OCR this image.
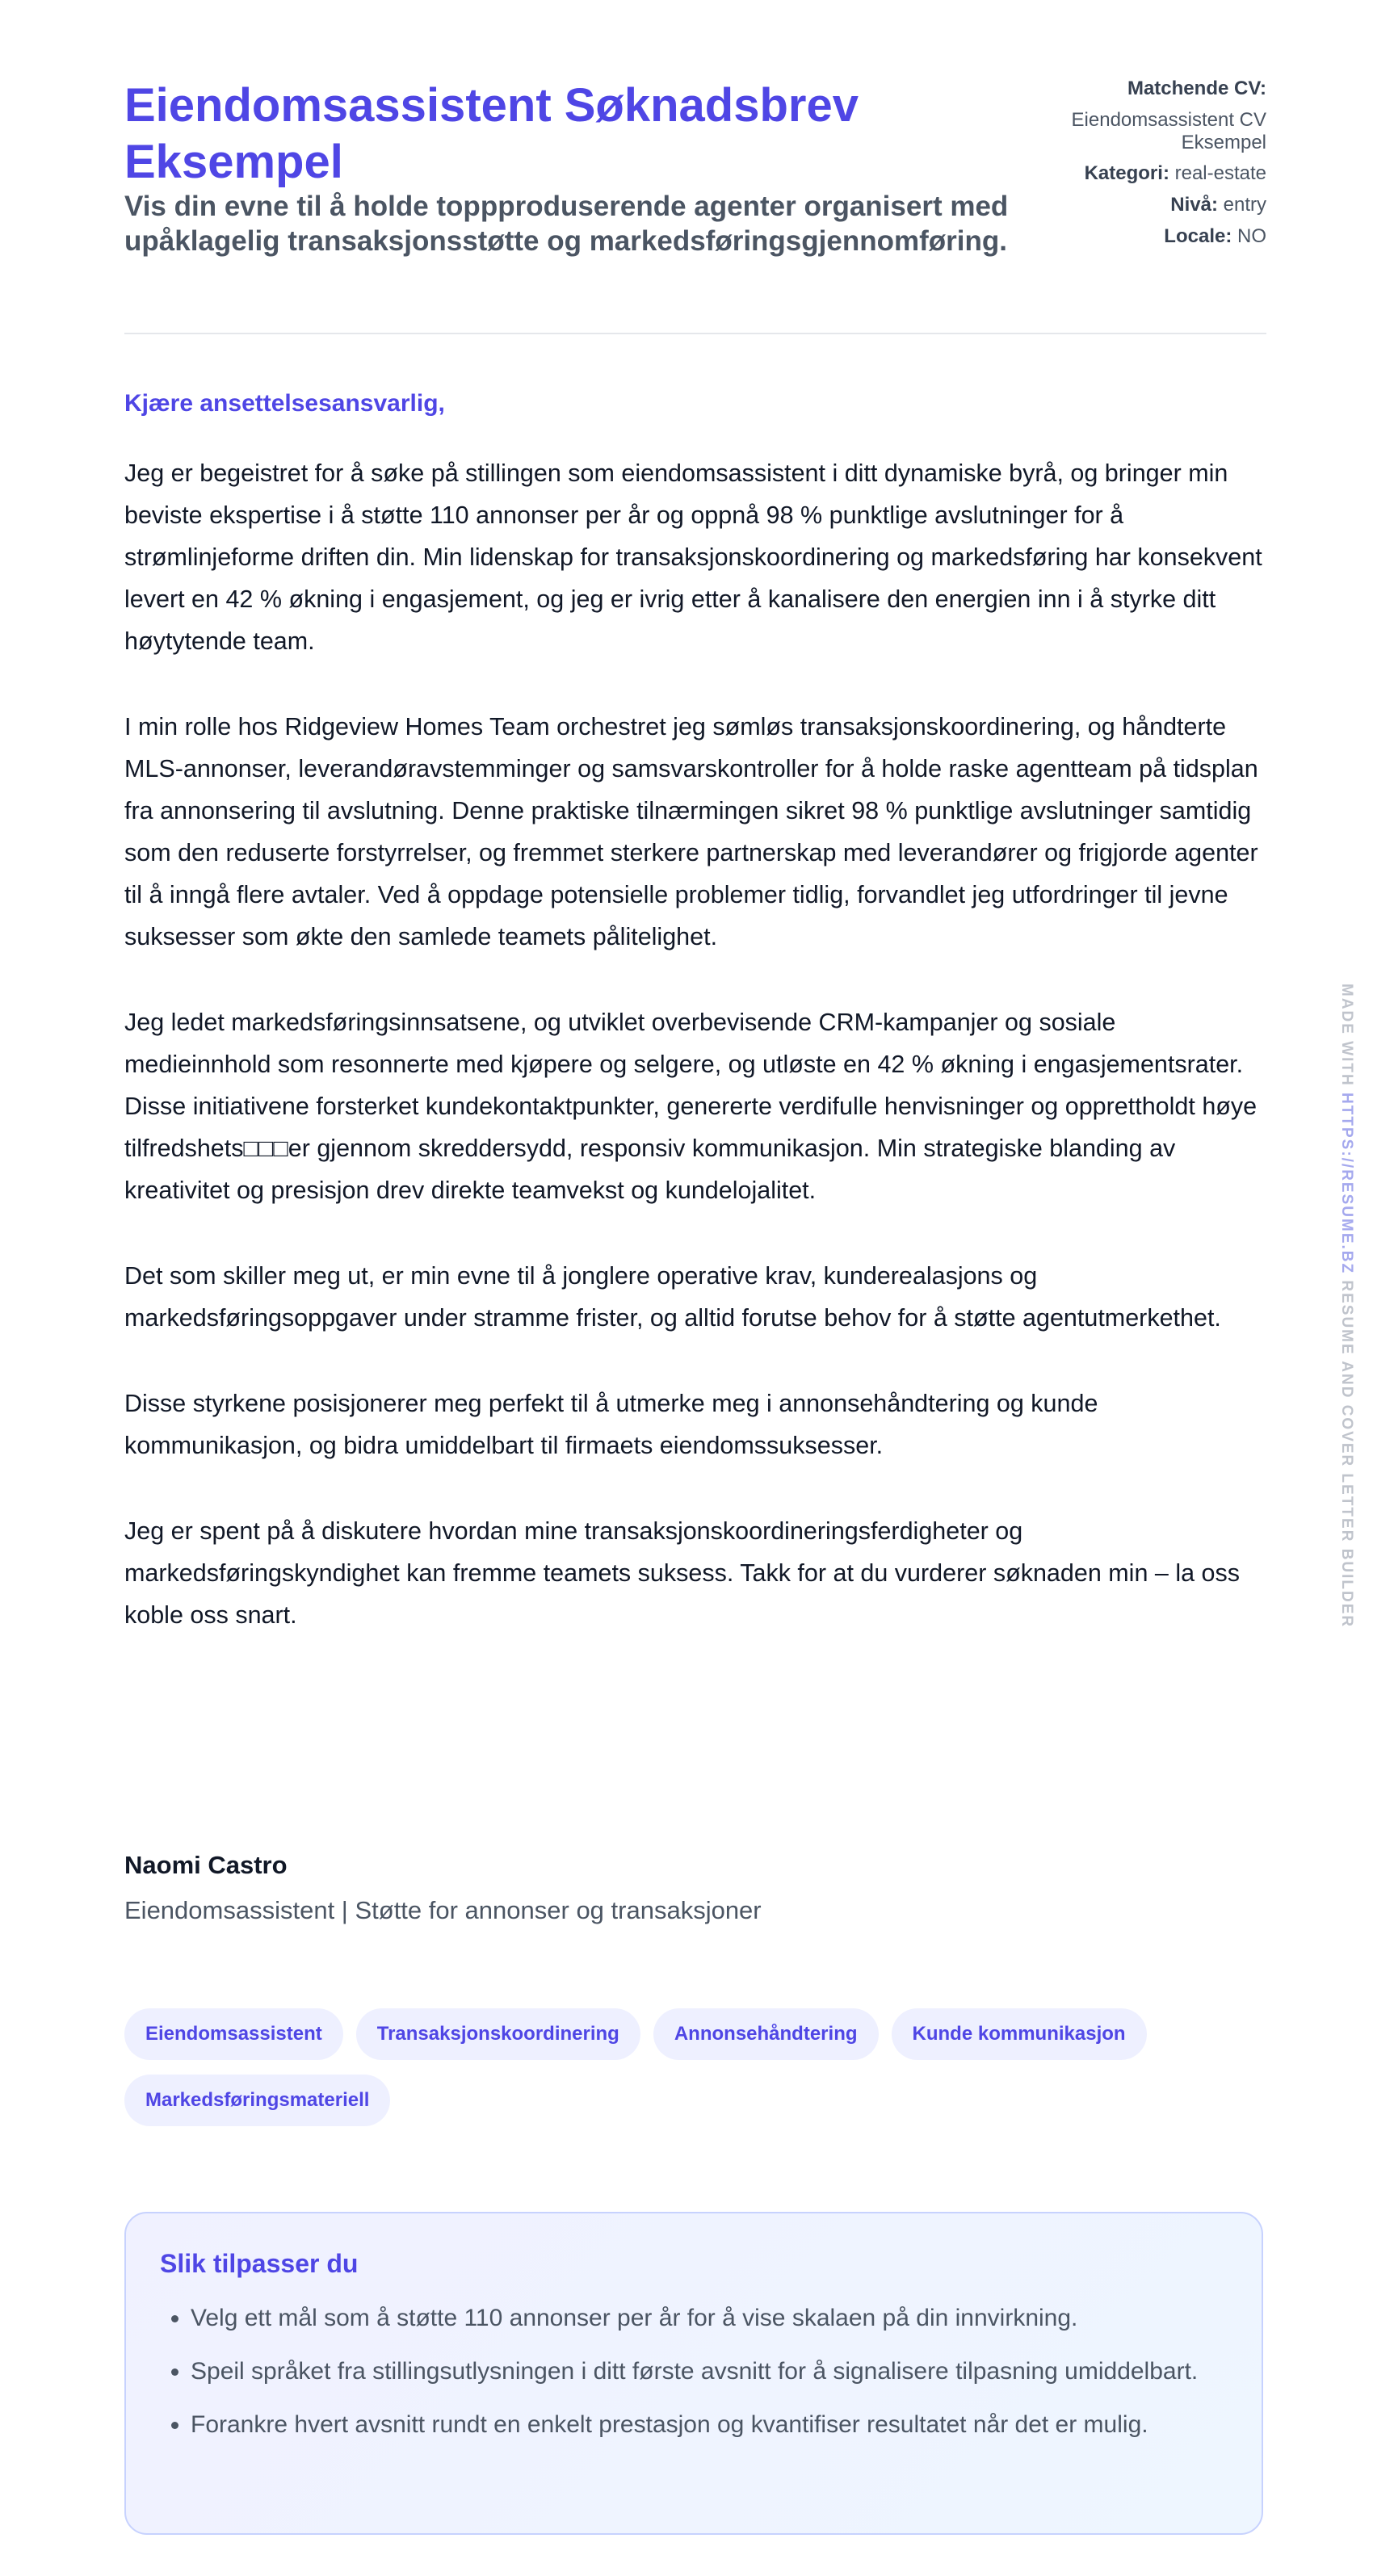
Eiendomsassistent Søknadsbrev Eksempel
Vis din evne til å holde toppproduserende agenter organisert med upåklagelig transaksjonsstøtte og markedsføringsgjennomføring.
Matchende CV:
Eiendomsassistent CV Eksempel
Kategori: real-estate
Nivå: entry
Locale: NO

Kjære ansettelsesansvarlig,

Jeg er begeistret for å søke på stillingen som eiendomsassistent i ditt dynamiske byrå, og bringer min beviste ekspertise i å støtte 110 annonser per år og oppnå 98 % punktlige avslutninger for å strømlinjeforme driften din. Min lidenskap for transaksjonskoordinering og markedsføring har konsekvent levert en 42 % økning i engasjement, og jeg er ivrig etter å kanalisere den energien inn i å styrke ditt høytytende team.

I min rolle hos Ridgeview Homes Team orchestret jeg sømløs transaksjonskoordinering, og håndterte MLS-annonser, leverandøravstemminger og samsvarskontroller for å holde raske agentteam på tidsplan fra annonsering til avslutning. Denne praktiske tilnærmingen sikret 98 % punktlige avslutninger samtidig som den reduserte forstyrrelser, og fremmet sterkere partnerskap med leverandører og frigjorde agenter til å inngå flere avtaler. Ved å oppdage potensielle problemer tidlig, forvandlet jeg utfordringer til jevne suksesser som økte den samlede teamets pålitelighet.

Jeg ledet markedsføringsinnsatsene, og utviklet overbevisende CRM-kampanjer og sosiale medieinnhold som resonnerte med kjøpere og selgere, og utløste en 42 % økning i engasjementsrater. Disse initiativene forsterket kundekontaktpunkter, genererte verdifulle henvisninger og opprettholdt høye tilfredshets□□□er gjennom skreddersydd, responsiv kommunikasjon. Min strategiske blanding av kreativitet og presisjon drev direkte teamvekst og kundelojalitet.

Det som skiller meg ut, er min evne til å jonglere operative krav, kunderealasjons og markedsføringsoppgaver under stramme frister, og alltid forutse behov for å støtte agentutmerkethet.

Disse styrkene posisjonerer meg perfekt til å utmerke meg i annonsehåndtering og kunde kommunikasjon, og bidra umiddelbart til firmaets eiendomssuksesser.

Jeg er spent på å diskutere hvordan mine transaksjonskoordineringsferdigheter og markedsføringskyndighet kan fremme teamets suksess. Takk for at du vurderer søknaden min – la oss koble oss snart.

Naomi Castro

Eiendomsassistent | Støtte for annonser og transaksjoner

Eiendomsassistent	Transaksjonskoordinering	Annonsehåndtering	Kunde kommunikasjon
Markedsføringsmateriell
Slik tilpasser du
• Velg ett mål som å støtte 110 annonser per år for å vise skalaen på din innvirkning.
• Speil språket fra stillingsutlysningen i ditt første avsnitt for å signalisere tilpasning umiddelbart.
• Forankre hvert avsnitt rundt en enkelt prestasjon og kvantifiser resultatet når det er mulig.
MADE WITH HTTPS://RESUME.BZ RESUME AND COVER LETTER BUILDER
